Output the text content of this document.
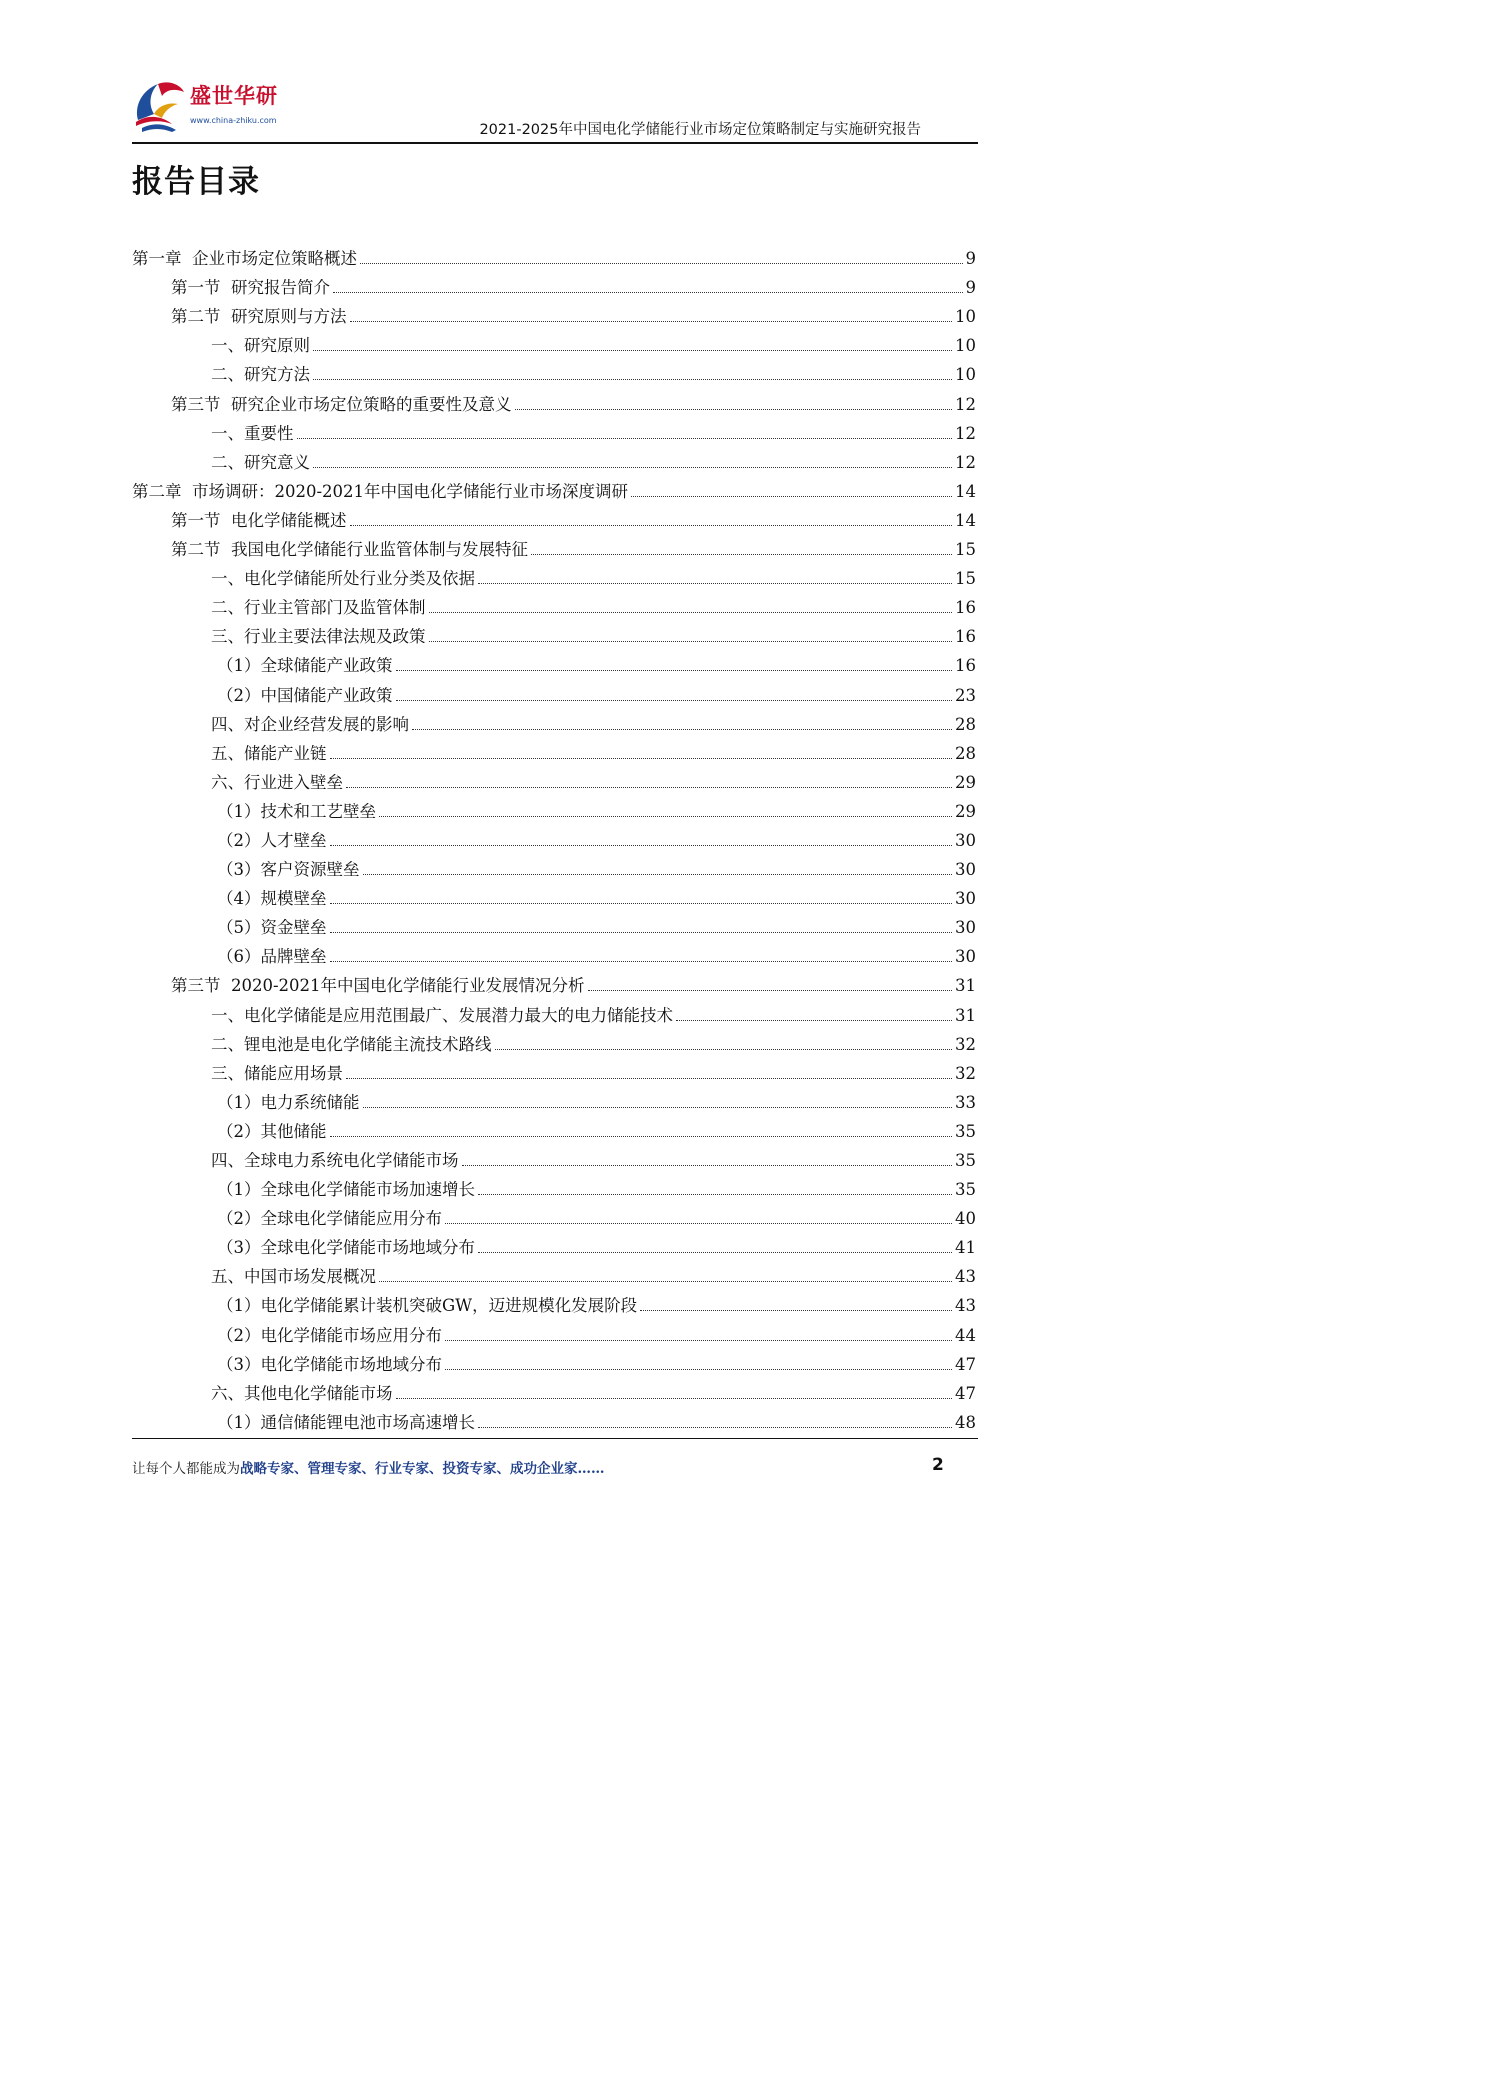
盛世华研
www.china-zhiku.com
2021-2025年中国电化学储能行业市场定位策略制定与实施研究报告
报告目录
第一章  企业市场定位策略概述	9
第一节  研究报告简介	9
第二节  研究原则与方法	10
一、研究原则	10
二、研究方法	10
第三节  研究企业市场定位策略的重要性及意义	12
一、重要性	12
二、研究意义	12
第二章  市场调研：2020-2021年中国电化学储能行业市场深度调研	14
第一节  电化学储能概述	14
第二节  我国电化学储能行业监管体制与发展特征	15
一、电化学储能所处行业分类及依据	15
二、行业主管部门及监管体制	16
三、行业主要法律法规及政策	16
（1）全球储能产业政策	16
（2）中国储能产业政策	23
四、对企业经营发展的影响	28
五、储能产业链	28
六、行业进入壁垒	29
（1）技术和工艺壁垒	29
（2）人才壁垒	30
（3）客户资源壁垒	30
（4）规模壁垒	30
（5）资金壁垒	30
（6）品牌壁垒	30
第三节  2020-2021年中国电化学储能行业发展情况分析	31
一、电化学储能是应用范围最广、发展潜力最大的电力储能技术	31
二、锂电池是电化学储能主流技术路线	32
三、储能应用场景	32
（1）电力系统储能	33
（2）其他储能	35
四、全球电力系统电化学储能市场	35
（1）全球电化学储能市场加速增长	35
（2）全球电化学储能应用分布	40
（3）全球电化学储能市场地域分布	41
五、中国市场发展概况	43
（1）电化学储能累计装机突破GW，迈进规模化发展阶段	43
（2）电化学储能市场应用分布	44
（3）电化学储能市场地域分布	47
六、其他电化学储能市场	47
（1）通信储能锂电池市场高速增长	48
让每个人都能成为战略专家、管理专家、行业专家、投资专家、成功企业家……	2
